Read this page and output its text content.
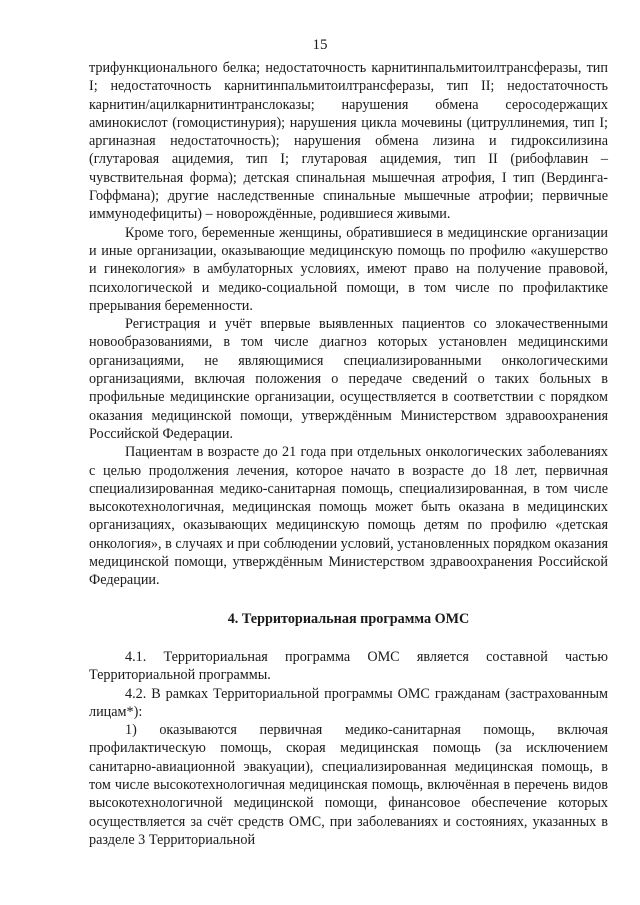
15

трифункционального белка; недостаточность карнитинпальмитоилтрансферазы, тип I; недостаточность карнитинпальмитоилтрансферазы, тип II; недостаточность карнитин/ацилкарнитинтранслоказы; нарушения обмена серосодержащих аминокислот (гомоцистинурия); нарушения цикла мочевины (цитруллинемия, тип I; аргиназная недостаточность); нарушения обмена лизина и гидроксилизина (глутаровая ацидемия, тип I; глутаровая ацидемия, тип II (рибофлавин – чувствительная форма); детская спинальная мышечная атрофия, I тип (Вердинга-Гоффмана); другие наследственные спинальные мышечные атрофии; первичные иммунодефициты) – новорождённые, родившиеся живыми.

Кроме того, беременные женщины, обратившиеся в медицинские организации и иные организации, оказывающие медицинскую помощь по профилю «акушерство и гинекология» в амбулаторных условиях, имеют право на получение правовой, психологической и медико-социальной помощи, в том числе по профилактике прерывания беременности.

Регистрация и учёт впервые выявленных пациентов со злокачественными новообразованиями, в том числе диагноз которых установлен медицинскими организациями, не являющимися специализированными онкологическими организациями, включая положения о передаче сведений о таких больных в профильные медицинские организации, осуществляется в соответствии с порядком оказания медицинской помощи, утверждённым Министерством здравоохранения Российской Федерации.

Пациентам в возрасте до 21 года при отдельных онкологических заболеваниях с целью продолжения лечения, которое начато в возрасте до 18 лет, первичная специализированная медико-санитарная помощь, специализированная, в том числе высокотехнологичная, медицинская помощь может быть оказана в медицинских организациях, оказывающих медицинскую помощь детям по профилю «детская онкология», в случаях и при соблюдении условий, установленных порядком оказания медицинской помощи, утверждённым Министерством здравоохранения Российской Федерации.

4. Территориальная программа ОМС

4.1. Территориальная программа ОМС является составной частью Территориальной программы.

4.2. В рамках Территориальной программы ОМС гражданам (застрахованным лицам*):

1) оказываются первичная медико-санитарная помощь, включая профилактическую помощь, скорая медицинская помощь (за исключением санитарно-авиационной эвакуации), специализированная медицинская помощь, в том числе высокотехнологичная медицинская помощь, включённая в перечень видов высокотехнологичной медицинской помощи, финансовое обеспечение которых осуществляется за счёт средств ОМС, при заболеваниях и состояниях, указанных в разделе 3 Территориальной
